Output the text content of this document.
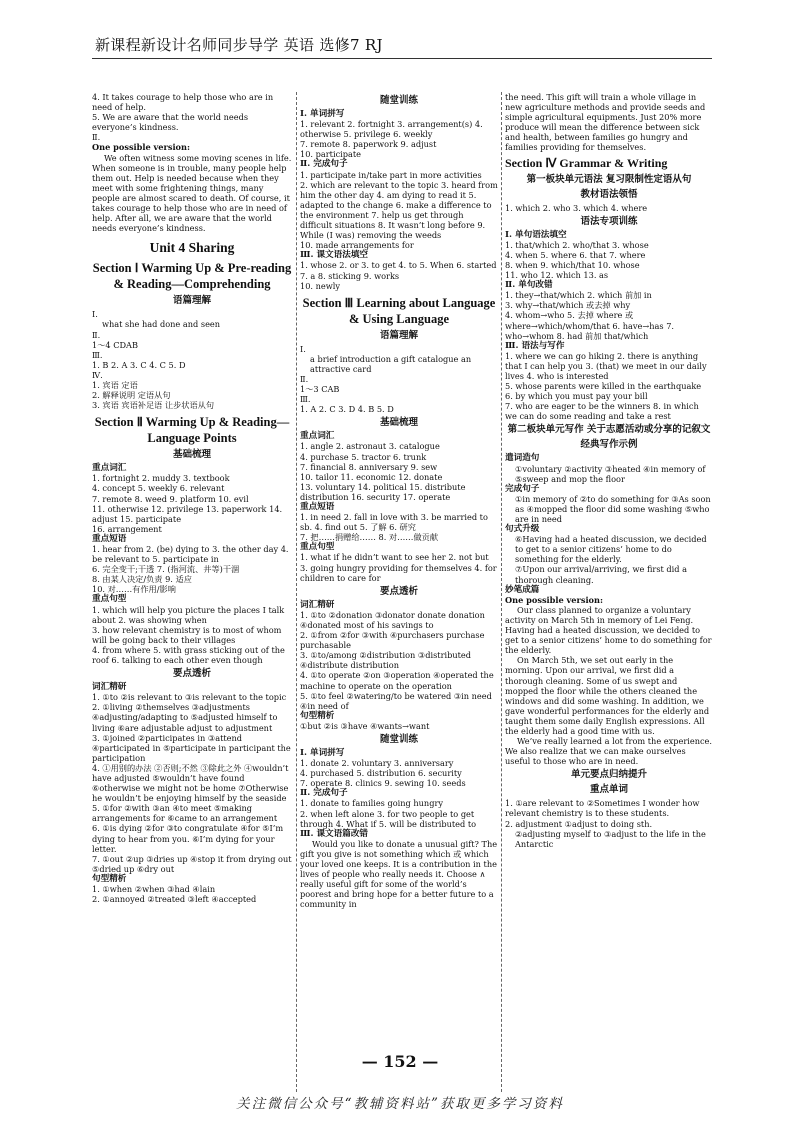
新课程新设计名师同步导学 英语 选修7 RJ
4. It takes courage to help those who are in need of help.
5. We are aware that the world needs everyone’s kindness.
Ⅱ.
One possible version:
We often witness some moving scenes in life. When someone is in trouble, many people help them out. Help is needed because when they meet with some frightening things, many people are almost scared to death. Of course, it takes courage to help those who are in need of help. After all, we are aware that the world needs everyone’s kindness.
Unit 4 Sharing
Section Ⅰ Warming Up & Pre-reading & Reading—Comprehending
语篇理解
Ⅰ.
what she had done and seen
Ⅱ.
1～4 CDAB
Ⅲ.
1. B 2. A 3. C 4. C 5. D
Ⅳ.
1. 宾语 定语
2. 解释说明 定语从句
3. 宾语 宾语补足语 让步状语从句
Section Ⅱ Warming Up & Reading—Language Points
基础梳理
重点词汇
1. fortnight 2. muddy 3. textbook
4. concept 5. weekly 6. relevant
7. remote 8. weed 9. platform 10. evil
11. otherwise 12. privilege 13. paperwork 14. adjust 15. participate
16. arrangement
重点短语
1. hear from 2. (be) dying to 3. the other day 4. be relevant to 5. participate in
6. 完全变干;干透 7. (指河流、井等)干涸
8. 由某人决定/负责 9. 适应
10. 对……有作用/影响
重点句型
1. which will help you picture the places I talk about 2. was showing when
3. how relevant chemistry is to most of whom will be going back to their villages
4. from where 5. with grass sticking out of the roof 6. talking to each other even though
要点透析
词汇精研
1. ①to ②is relevant to ③is relevant to the topic
2. ①living ②themselves ③adjustments ④adjusting/adapting to ⑤adjusted himself to living ⑥are adjustable adjust to adjustment
3. ①joined ②participates in ③attend ④participated in ⑤participate in participant the participation
4. ①用别的办法 ②否则;不然 ③除此之外 ④wouldn’t have adjusted ⑤wouldn’t have found ⑥otherwise we might not be home ⑦Otherwise he wouldn’t be enjoying himself by the seaside
5. ①for ②with ③an ④to meet ⑤making arrangements for ⑥came to an arrangement
6. ①is dying ②for ③to congratulate ④for ⑤I’m dying to hear from you. ⑥I’m dying for your letter.
7. ①out ②up ③dries up ④stop it from drying out ⑤dried up ⑥dry out
句型精析
1. ①when ②when ③had ④lain
2. ①annoyed ②treated ③left ④accepted
随堂训练
Ⅰ. 单词拼写
1. relevant 2. fortnight 3. arrangement(s) 4. otherwise 5. privilege 6. weekly
7. remote 8. paperwork 9. adjust
10. participate
Ⅱ. 完成句子
1. participate in/take part in more activities
2. which are relevant to the topic 3. heard from him the other day 4. am dying to read it 5. adapted to the change 6. make a difference to the environment 7. help us get through difficult situations 8. It wasn’t long before 9. While (I was) removing the weeds
10. made arrangements for
Ⅲ. 课文语法填空
1. whose 2. or 3. to get 4. to 5. When 6. started 7. a 8. sticking 9. works
10. newly
Section Ⅲ Learning about Language & Using Language
语篇理解
Ⅰ.
a brief introduction a gift catalogue an attractive card
Ⅱ.
1～3 CAB
Ⅲ.
1. A 2. C 3. D 4. B 5. D
基础梳理
重点词汇
1. angle 2. astronaut 3. catalogue
4. purchase 5. tractor 6. trunk
7. financial 8. anniversary 9. sew
10. tailor 11. economic 12. donate
13. voluntary 14. political 15. distribute distribution 16. security 17. operate
重点短语
1. in need 2. fall in love with 3. be married to sb. 4. find out 5. 了解 6. 研究
7. 把……捐赠给…… 8. 对……做贡献
重点句型
1. what if he didn’t want to see her 2. not but 3. going hungry providing for themselves 4. for children to care for
要点透析
词汇精研
1. ①to ②donation ③donator donate donation ④donated most of his savings to
2. ①from ②for ③with ④purchasers purchase purchasable
3. ①to/among ②distribution ③distributed ④distribute distribution
4. ①to operate ②on ③operation ④operated the machine to operate on the operation
5. ①to feel ②watering/to be watered ③in need ④in need of
句型精析
①but ②is ③have ④wants→want
随堂训练
Ⅰ. 单词拼写
1. donate 2. voluntary 3. anniversary
4. purchased 5. distribution 6. security
7. operate 8. clinics 9. sewing 10. seeds
Ⅱ. 完成句子
1. donate to families going hungry
2. when left alone 3. for two people to get through 4. What if 5. will be distributed to
Ⅲ. 课文语篇改错
Would you like to donate a unusual gift? The gift you give is not something which 或 which your loved one keeps. It is a contribution in the lives of people who really needs it. Choose ∧ really useful gift for some of the world’s poorest and bring hope for a better future to a community in
the need. This gift will train a whole village in new agriculture methods and provide seeds and simple agricultural equipments. Just 20% more produce will mean the difference between sick and health, between families go hungry and families providing for themselves.
Section Ⅳ Grammar & Writing
第一板块单元语法 复习限制性定语从句
教材语法领悟
1. which 2. who 3. which 4. where
语法专项训练
Ⅰ. 单句语法填空
1. that/which 2. who/that 3. whose
4. when 5. where 6. that 7. where
8. when 9. which/that 10. whose
11. who 12. which 13. as
Ⅱ. 单句改错
1. they→that/which 2. which 前加 in
3. why→that/which 或去掉 why
4. whom→who 5. 去掉 where 或 where→which/whom/that 6. have→has 7. who→whom 8. had 前加 that/which
Ⅲ. 语法与写作
1. where we can go hiking 2. there is anything that I can help you 3. (that) we meet in our daily lives 4. who is interested
5. whose parents were killed in the earthquake
6. by which you must pay your bill
7. who are eager to be the winners 8. in which we can do some reading and take a rest
第二板块单元写作 关于志愿活动或分享的记叙文
经典写作示例
遣词造句
①voluntary ②activity ③heated ④in memory of ⑤sweep and mop the floor
完成句子
①in memory of ②to do something for ③As soon as ④mopped the floor did some washing ⑤who are in need
句式升级
⑥Having had a heated discussion, we decided to get to a senior citizens’ home to do something for the elderly.
⑦Upon our arrival/arriving, we first did a thorough cleaning.
妙笔成篇
One possible version:
Our class planned to organize a voluntary activity on March 5th in memory of Lei Feng. Having had a heated discussion, we decided to get to a senior citizens’ home to do something for the elderly.
On March 5th, we set out early in the morning. Upon our arrival, we first did a thorough cleaning. Some of us swept and mopped the floor while the others cleaned the windows and did some washing. In addition, we gave wonderful performances for the elderly and taught them some daily English expressions. All the elderly had a good time with us.
We’ve really learned a lot from the experience. We also realize that we can make ourselves useful to those who are in need.
单元要点归纳提升
重点单词
1. ①are relevant to ②Sometimes I wonder how relevant chemistry is to these students.
2. adjustment ①adjust to doing sth.
②adjusting myself to ③adjust to the life in the Antarctic
— 152 —
关注微信公众号“教辅资料站”获取更多学习资料
